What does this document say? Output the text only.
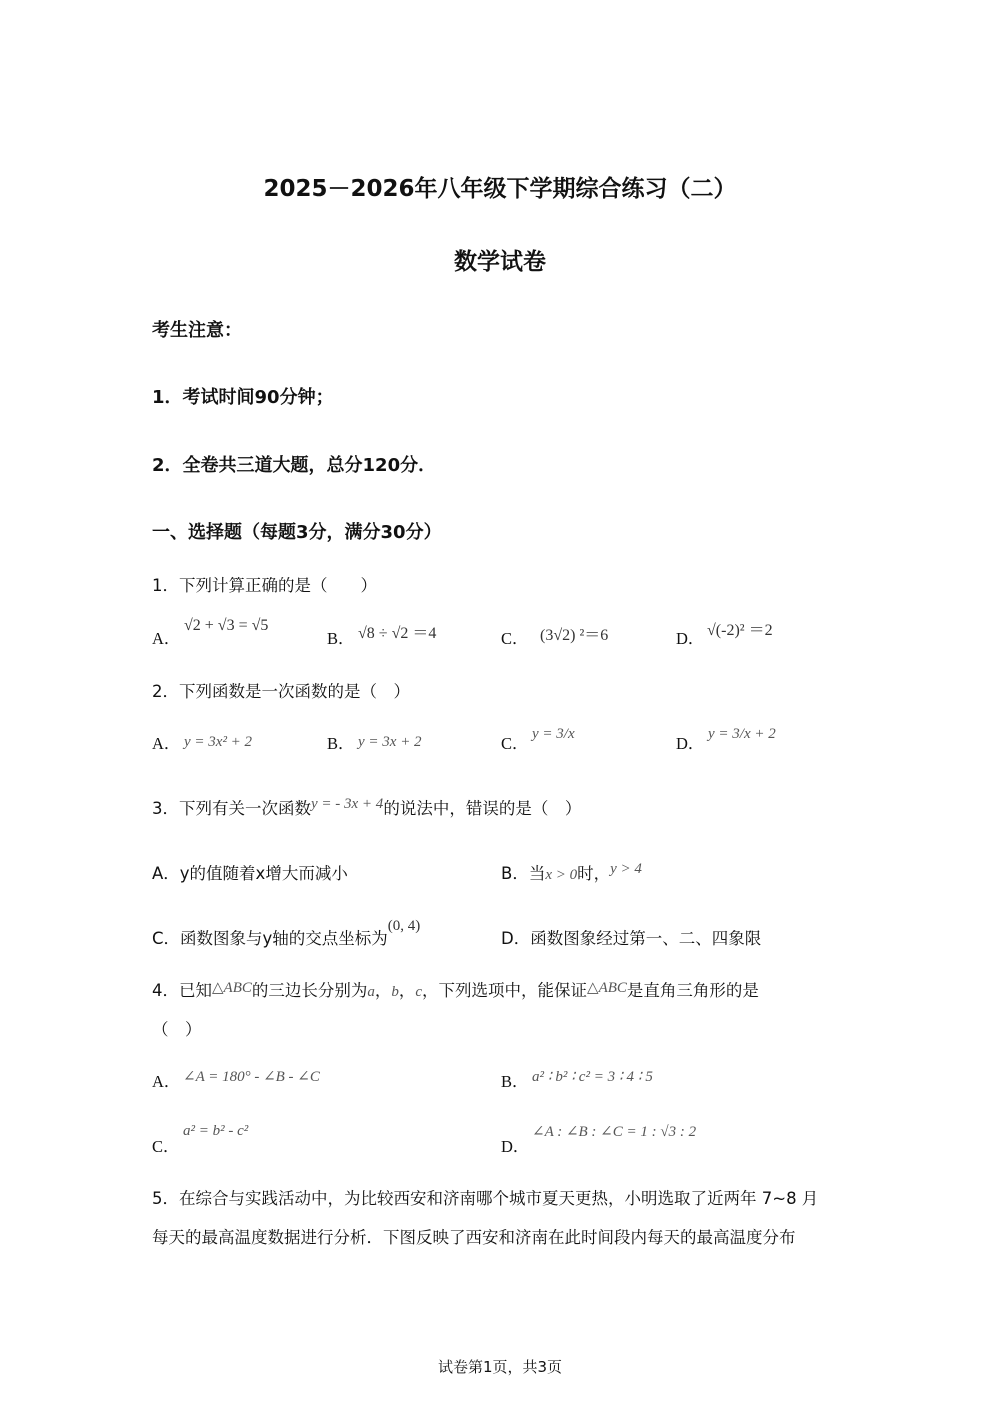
2025－2026年八年级下学期综合练习（二）
数学试卷
考生注意：
1．考试时间90分钟；
2．全卷共三道大题，总分120分．
一、选择题（每题3分，满分30分）
1．下列计算正确的是（　　）
A．
√2 + √3 = √5
B． √8 ÷ √2 ＝4	C． (3√2) ²＝6	D． √(-2)² ＝2
2．下列函数是一次函数的是（　）
A． y = 3x² + 2	B． y = 3x + 2	C． y = 3/x	D． y = 3/x + 2
3．下列有关一次函数y = - 3x + 4的说法中，错误的是（　）
A．y的值随着x增大而减小	B．当x > 0时，y > 4
C．函数图象与y轴的交点坐标为(0, 4)
D．函数图象经过第一、二、四象限
4．已知△ABC的三边长分别为a，b，c，下列选项中，能保证△ABC是直角三角形的是
（　）
A． ∠A = 180° - ∠B - ∠C	B． a² ∶ b² ∶ c² = 3 ∶ 4 ∶ 5
C．
a² = b² - c²
D．
∠A : ∠B : ∠C = 1 : √3 : 2
5．在综合与实践活动中，为比较西安和济南哪个城市夏天更热，小明选取了近两年 7~8 月
每天的最高温度数据进行分析．下图反映了西安和济南在此时间段内每天的最高温度分布
试卷第1页，共3页
